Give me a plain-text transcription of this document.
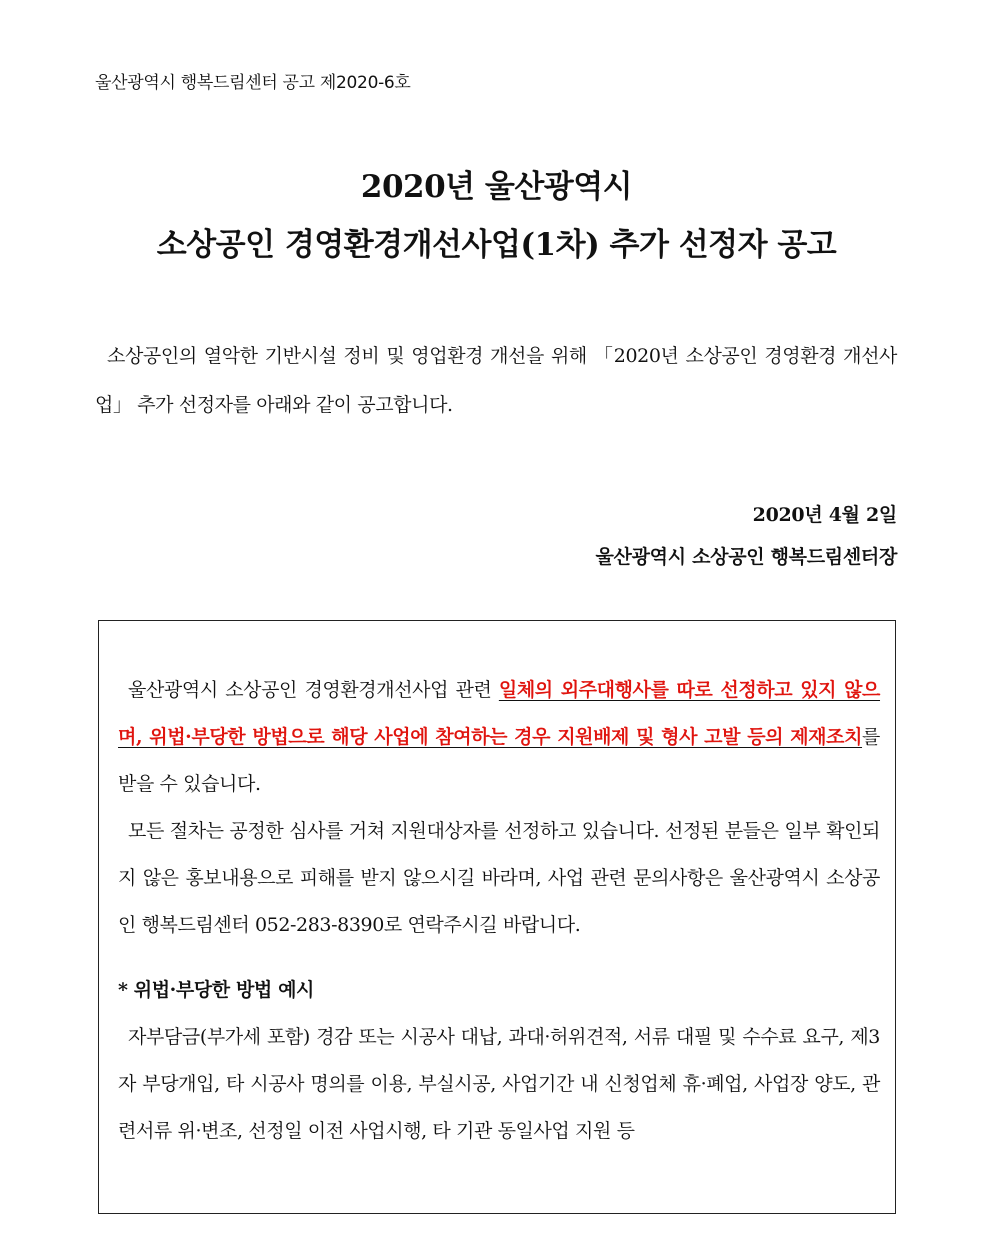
울산광역시 행복드림센터 공고 제2020-6호
2020년 울산광역시
소상공인 경영환경개선사업(1차) 추가 선정자 공고

소상공인의 열악한 기반시설 정비 및 영업환경 개선을 위해 「2020년 소상공인 경영환경 개선사업」 추가 선정자를 아래와 같이 공고합니다.

2020년 4월 2일
울산광역시 소상공인 행복드림센터장

울산광역시 소상공인 경영환경개선사업 관련 일체의 외주대행사를 따로 선정하고 있지 않으며, 위법·부당한 방법으로 해당 사업에 참여하는 경우 지원배제 및 형사 고발 등의 제재조치를 받을 수 있습니다.

모든 절차는 공정한 심사를 거쳐 지원대상자를 선정하고 있습니다. 선정된 분들은 일부 확인되지 않은 홍보내용으로 피해를 받지 않으시길 바라며, 사업 관련 문의사항은 울산광역시 소상공인 행복드림센터 052-283-8390로 연락주시길 바랍니다.

* 위법·부당한 방법 예시

자부담금(부가세 포함) 경감 또는 시공사 대납, 과대·허위견적, 서류 대필 및 수수료 요구, 제3자 부당개입, 타 시공사 명의를 이용, 부실시공, 사업기간 내 신청업체 휴·폐업, 사업장 양도, 관련서류 위·변조, 선정일 이전 사업시행, 타 기관 동일사업 지원 등
